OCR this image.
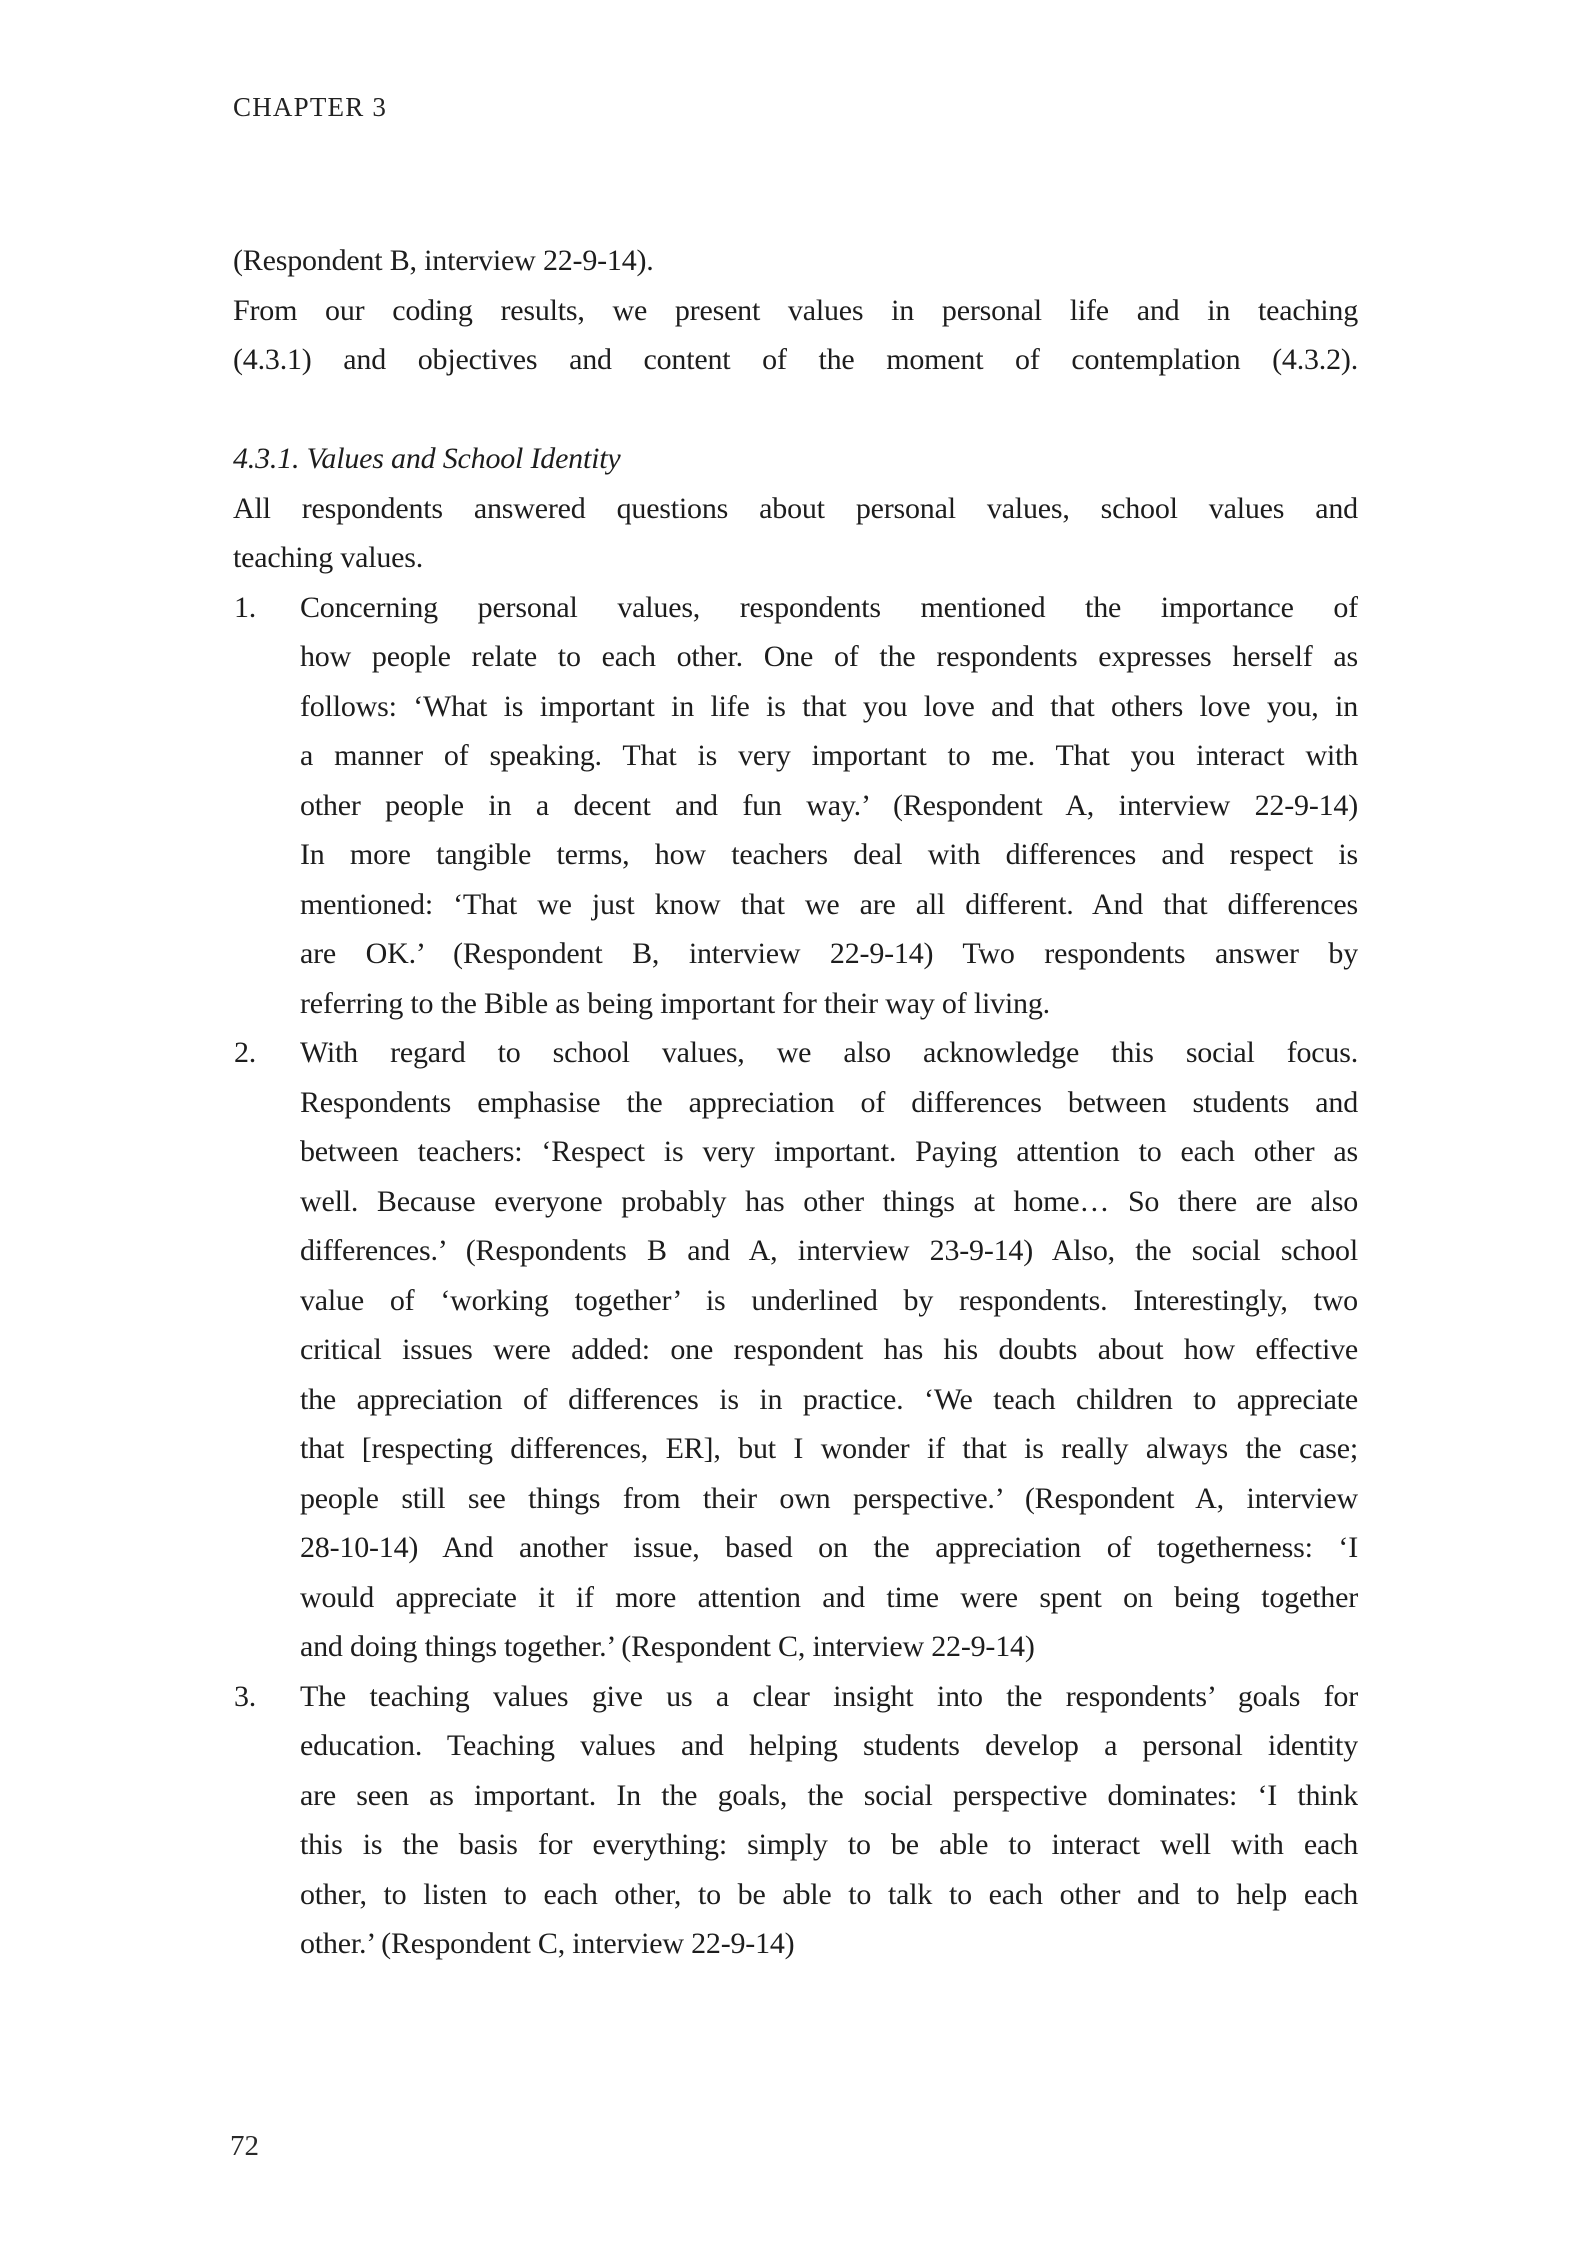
CHAPTER 3
(Respondent B, interview 22-9-14).
From our coding results, we present values in personal life and in teaching
(4.3.1) and objectives and content of the moment of contemplation (4.3.2).
4.3.1. Values and School Identity
All respondents answered questions about personal values, school values and
teaching values.
1. Concerning personal values, respondents mentioned the importance of
how people relate to each other. One of the respondents expresses herself as
follows: ‘What is important in life is that you love and that others love you, in
a manner of speaking. That is very important to me. That you interact with
other people in a decent and fun way.’ (Respondent A, interview 22-9-14)
In more tangible terms, how teachers deal with differences and respect is
mentioned: ‘That we just know that we are all different. And that differences
are OK.’ (Respondent B, interview 22-9-14) Two respondents answer by
referring to the Bible as being important for their way of living.
2. With regard to school values, we also acknowledge this social focus.
Respondents emphasise the appreciation of differences between students and
between teachers: ‘Respect is very important. Paying attention to each other as
well. Because everyone probably has other things at home… So there are also
differences.’ (Respondents B and A, interview 23-9-14) Also, the social school
value of ‘working together’ is underlined by respondents. Interestingly, two
critical issues were added: one respondent has his doubts about how effective
the appreciation of differences is in practice. ‘We teach children to appreciate
that [respecting differences, ER], but I wonder if that is really always the case;
people still see things from their own perspective.’ (Respondent A, interview
28-10-14) And another issue, based on the appreciation of togetherness: ‘I
would appreciate it if more attention and time were spent on being together
and doing things together.’ (Respondent C, interview 22-9-14)
3. The teaching values give us a clear insight into the respondents’ goals for
education. Teaching values and helping students develop a personal identity
are seen as important. In the goals, the social perspective dominates: ‘I think
this is the basis for everything: simply to be able to interact well with each
other, to listen to each other, to be able to talk to each other and to help each
other.’ (Respondent C, interview 22-9-14)
72
